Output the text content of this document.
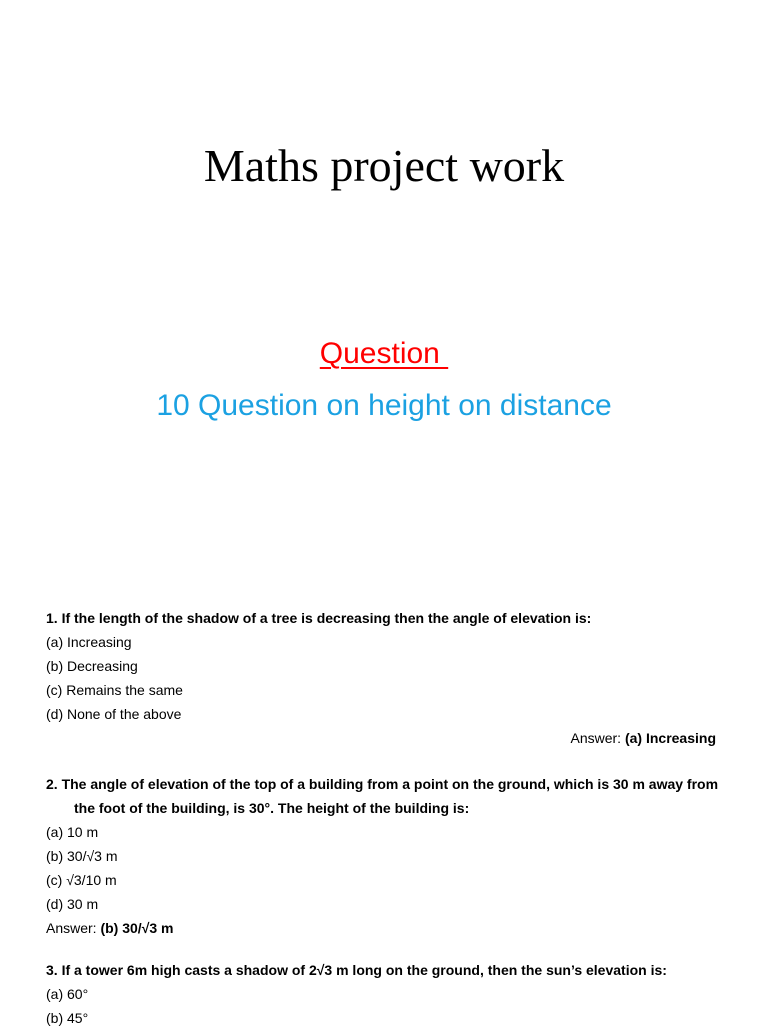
Maths project work
Question
10 Question on height on distance

1. If the length of the shadow of a tree is decreasing then the angle of elevation is:

(a) Increasing

(b) Decreasing

(c) Remains the same

(d) None of the above

Answer: (a) Increasing

2. The angle of elevation of the top of a building from a point on the ground, which is 30 m away from the foot of the building, is 30°. The height of the building is:

(a) 10 m

(b) 30/√3 m

(c) √3/10 m

(d) 30 m

Answer: (b) 30/√3 m

3. If a tower 6m high casts a shadow of 2√3 m long on the ground, then the sun’s elevation is:

(a) 60°

(b) 45°
